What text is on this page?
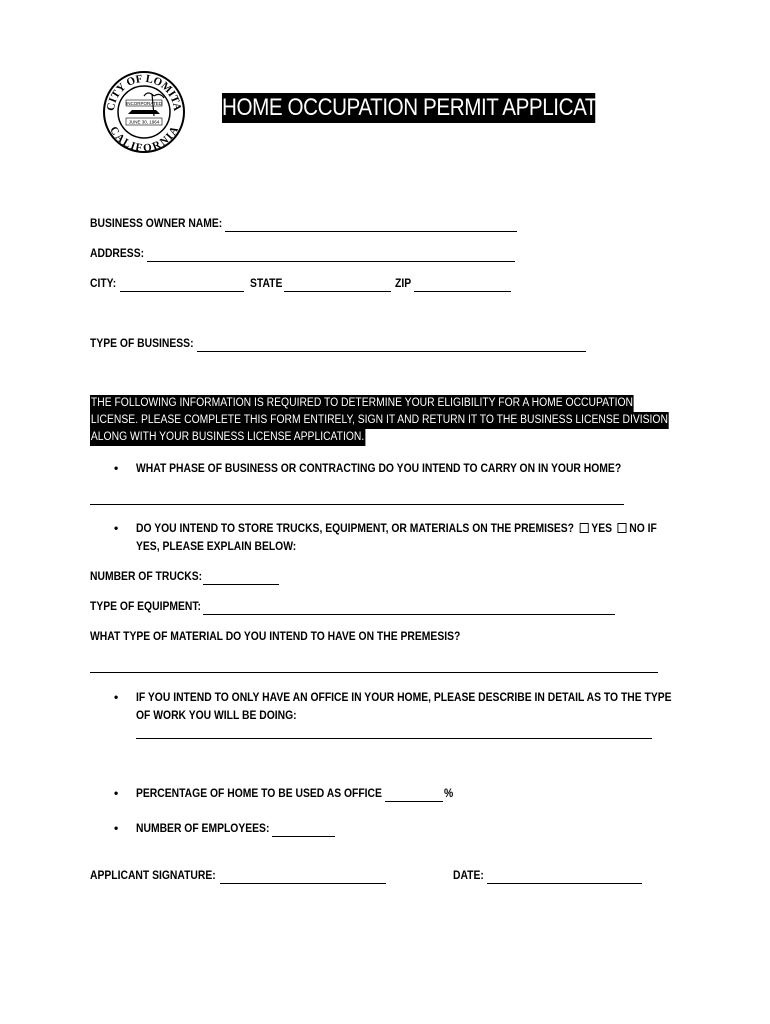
CITY OF LOMITA
CALIFORNIA
INCORPORATED
JUNE 30, 1964
HOME OCCUPATION PERMIT APPLICATION
BUSINESS OWNER NAME:
ADDRESS:
CITY:	STATE	ZIP
TYPE OF BUSINESS:
THE FOLLOWING INFORMATION IS REQUIRED TO DETERMINE YOUR ELIGIBILITY FOR A HOME OCCUPATION
LICENSE. PLEASE COMPLETE THIS FORM ENTIRELY, SIGN IT AND RETURN IT TO THE BUSINESS LICENSE DIVISION
ALONG WITH YOUR BUSINESS LICENSE APPLICATION.
• WHAT PHASE OF BUSINESS OR CONTRACTING DO YOU INTEND TO CARRY ON IN YOUR HOME?
• DO YOU INTEND TO STORE TRUCKS, EQUIPMENT, OR MATERIALS ON THE PREMISES? YES NO IF
YES, PLEASE EXPLAIN BELOW:
NUMBER OF TRUCKS:
TYPE OF EQUIPMENT:
WHAT TYPE OF MATERIAL DO YOU INTEND TO HAVE ON THE PREMESIS?
• IF YOU INTEND TO ONLY HAVE AN OFFICE IN YOUR HOME, PLEASE DESCRIBE IN DETAIL AS TO THE TYPE
OF WORK YOU WILL BE DOING:
• PERCENTAGE OF HOME TO BE USED AS OFFICE	%
• NUMBER OF EMPLOYEES:
APPLICANT SIGNATURE:	DATE:
